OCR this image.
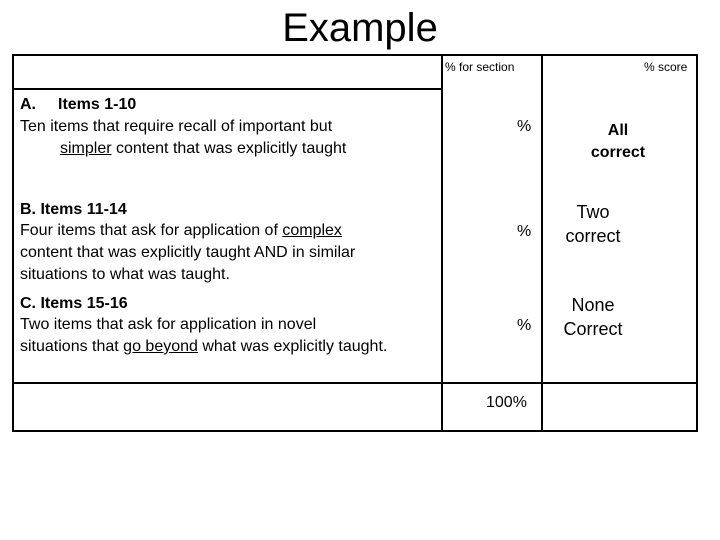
Example
% for section	% score
A. Items 1-10
Ten items that require recall of important but
simpler content that was explicitly taught
%	All
correct
B. Items 11-14
Four items that ask for application of complex
content that was explicitly taught AND in similar
situations to what was taught.
%
Two
correct
C. Items 15-16
Two items that ask for application in novel
situations that go beyond what was explicitly taught.
%
None
Correct
100%
